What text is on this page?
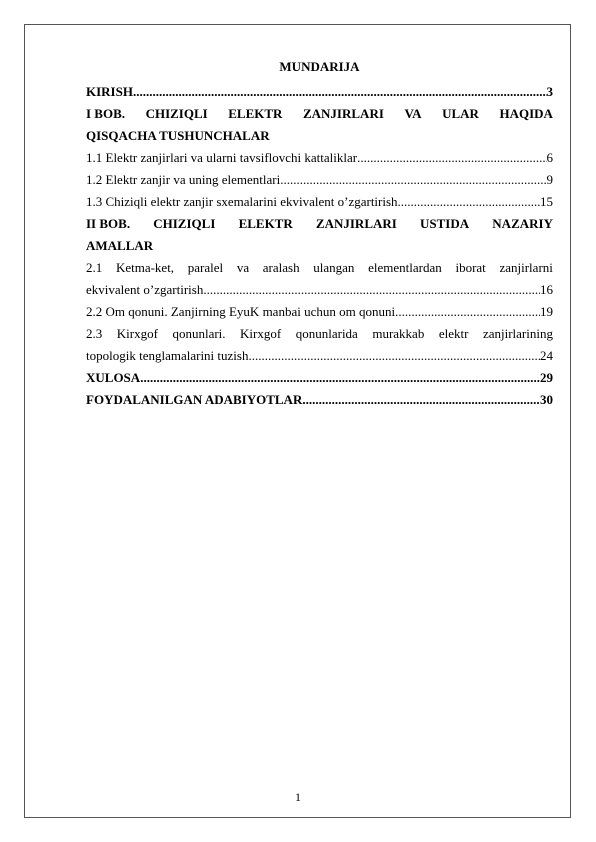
MUNDARIJA
KIRISH .....	3
I BOB. CHIZIQLI ELEKTR ZANJIRLARI VA ULAR HAQIDA
QISQACHA TUSHUNCHALAR
1.1 Elektr zanjirlari va ularni tavsiflovchi kattaliklar .....	6
1.2 Elektr zanjir va uning elementlari .....	9
1.3 Chiziqli elektr zanjir sxemalarini ekvivalent o’zgartirish .....	15
II BOB. CHIZIQLI ELEKTR ZANJIRLARI USTIDA NAZARIY
AMALLAR
2.1 Ketma-ket, paralel va aralash ulangan elementlardan iborat zanjirlarni
ekvivalent o’zgartirish .....	16
2.2 Om qonuni. Zanjirning EyuK manbai uchun om qonuni .....	19
2.3 Kirxgof qonunlari. Kirxgof qonunlarida murakkab elektr zanjirlarining
topologik tenglamalarini tuzish .....	24
XULOSA .....	29
FOYDALANILGAN ADABIYOTLAR .....	30
1
